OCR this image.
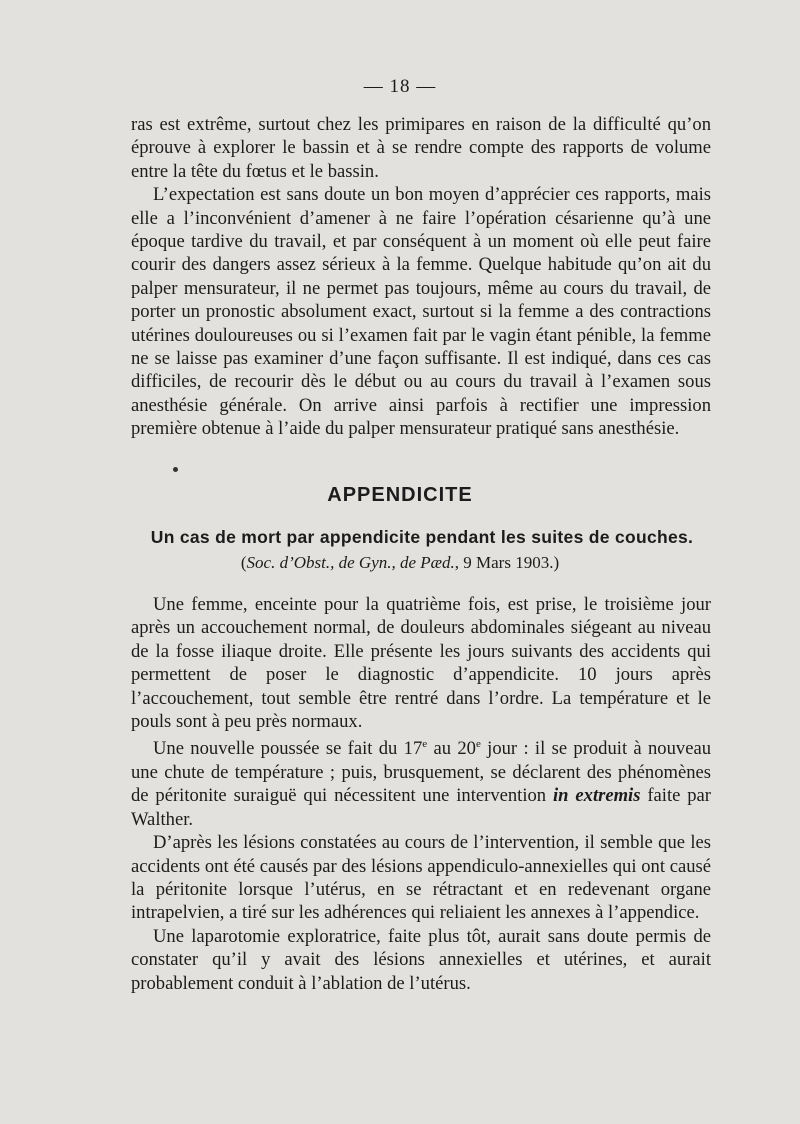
— 18 —

ras est extrême, surtout chez les primipares en raison de la difficulté qu’on éprouve à explorer le bassin et à se rendre compte des rapports de volume entre la tête du fœtus et le bassin.

L’expectation est sans doute un bon moyen d’apprécier ces rapports, mais elle a l’inconvénient d’amener à ne faire l’opération césarienne qu’à une époque tardive du travail, et par conséquent à un moment où elle peut faire courir des dangers assez sérieux à la femme. Quelque habitude qu’on ait du palper mensurateur, il ne permet pas toujours, même au cours du travail, de porter un pronostic absolument exact, surtout si la femme a des contractions utérines douloureuses ou si l’examen fait par le vagin étant pénible, la femme ne se laisse pas examiner d’une façon suffisante. Il est indiqué, dans ces cas difficiles, de recourir dès le début ou au cours du travail à l’examen sous anesthésie générale. On arrive ainsi parfois à rectifier une impression première obtenue à l’aide du palper mensurateur pratiqué sans anesthésie.

APPENDICITE
Un cas de mort par appendicite pendant les suites de couches.
(Soc. d’Obst., de Gyn., de Pæd., 9 Mars 1903.)

Une femme, enceinte pour la quatrième fois, est prise, le troisième jour après un accouchement normal, de douleurs abdominales siégeant au niveau de la fosse iliaque droite. Elle présente les jours suivants des accidents qui permettent de poser le diagnostic d’appendicite. 10 jours après l’accouchement, tout semble être rentré dans l’ordre. La température et le pouls sont à peu près normaux.

Une nouvelle poussée se fait du 17e au 20e jour : il se produit à nouveau une chute de température ; puis, brusquement, se déclarent des phénomènes de péritonite suraiguë qui nécessitent une intervention in extremis faite par Walther.

D’après les lésions constatées au cours de l’intervention, il semble que les accidents ont été causés par des lésions appendiculo-annexielles qui ont causé la péritonite lorsque l’utérus, en se rétractant et en redevenant organe intrapelvien, a tiré sur les adhérences qui reliaient les annexes à l’appendice.

Une laparotomie exploratrice, faite plus tôt, aurait sans doute permis de constater qu’il y avait des lésions annexielles et utérines, et aurait probablement conduit à l’ablation de l’utérus.
